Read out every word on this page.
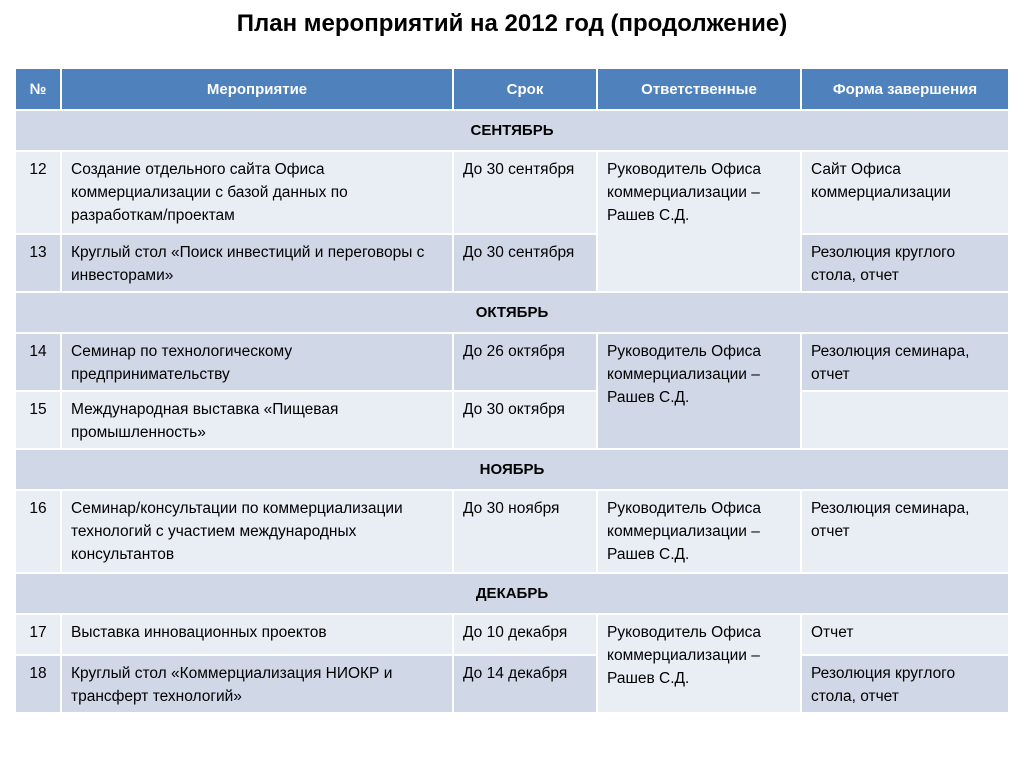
План мероприятий на 2012 год (продолжение)
№	Мероприятие	Срок	Ответственные	Форма завершения
СЕНТЯБРЬ				
12	Создание отдельного сайта Офиса коммерциализации с базой данных по разработкам/проектам	До 30 сентября	Руководитель Офиса коммерциализации – Рашев С.Д.	Сайт Офиса коммерциализации
13	Круглый стол «Поиск инвестиций и переговоры с инвесторами»	До 30 сентября		Резолюция круглого стола, отчет
ОКТЯБРЬ				
14	Семинар по технологическому предпринимательству	До 26 октября	Руководитель Офиса коммерциализации – Рашев С.Д.	Резолюция семинара, отчет
15	Международная выставка «Пищевая промышленность»	До 30 октября		
НОЯБРЬ				
16	Семинар/консультации по коммерциализации технологий с участием международных консультантов	До 30 ноября	Руководитель Офиса коммерциализации – Рашев С.Д.	Резолюция семинара, отчет
ДЕКАБРЬ				
17	Выставка инновационных проектов	До 10 декабря	Руководитель Офиса коммерциализации – Рашев С.Д.	Отчет
18	Круглый стол «Коммерциализация НИОКР и трансферт технологий»	До 14 декабря		Резолюция круглого стола, отчет
